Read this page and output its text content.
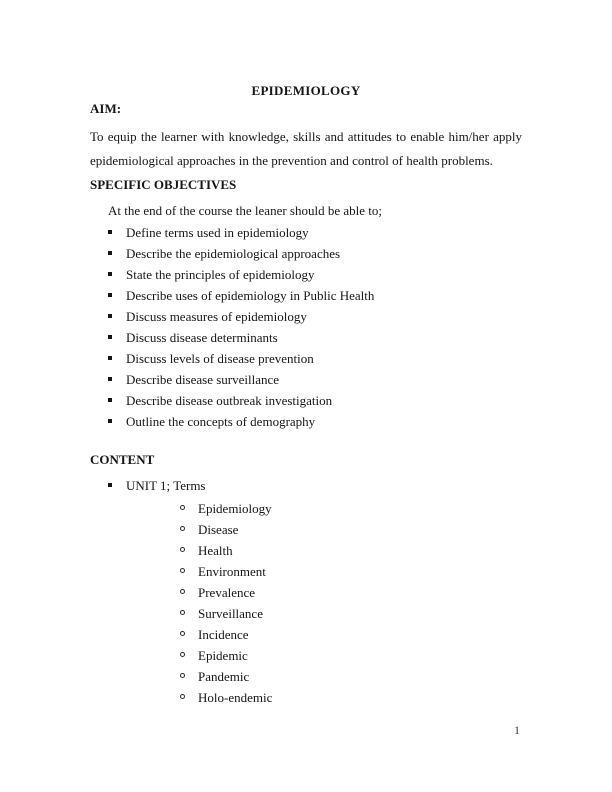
EPIDEMIOLOGY
AIM:

To equip the learner with knowledge, skills and attitudes to enable him/her apply epidemiological approaches in the prevention and control of health problems.

SPECIFIC OBJECTIVES

At the end of the course the leaner should be able to;

Define terms used in epidemiology
Describe the epidemiological approaches
State the principles of epidemiology
Describe uses of epidemiology in Public Health
Discuss measures of epidemiology
Discuss disease determinants
Discuss levels of disease prevention
Describe disease surveillance
Describe disease outbreak investigation
Outline the concepts of demography
CONTENT
UNIT 1; Terms
Epidemiology
Disease
Health
Environment
Prevalence
Surveillance
Incidence
Epidemic
Pandemic
Holo-endemic
1
